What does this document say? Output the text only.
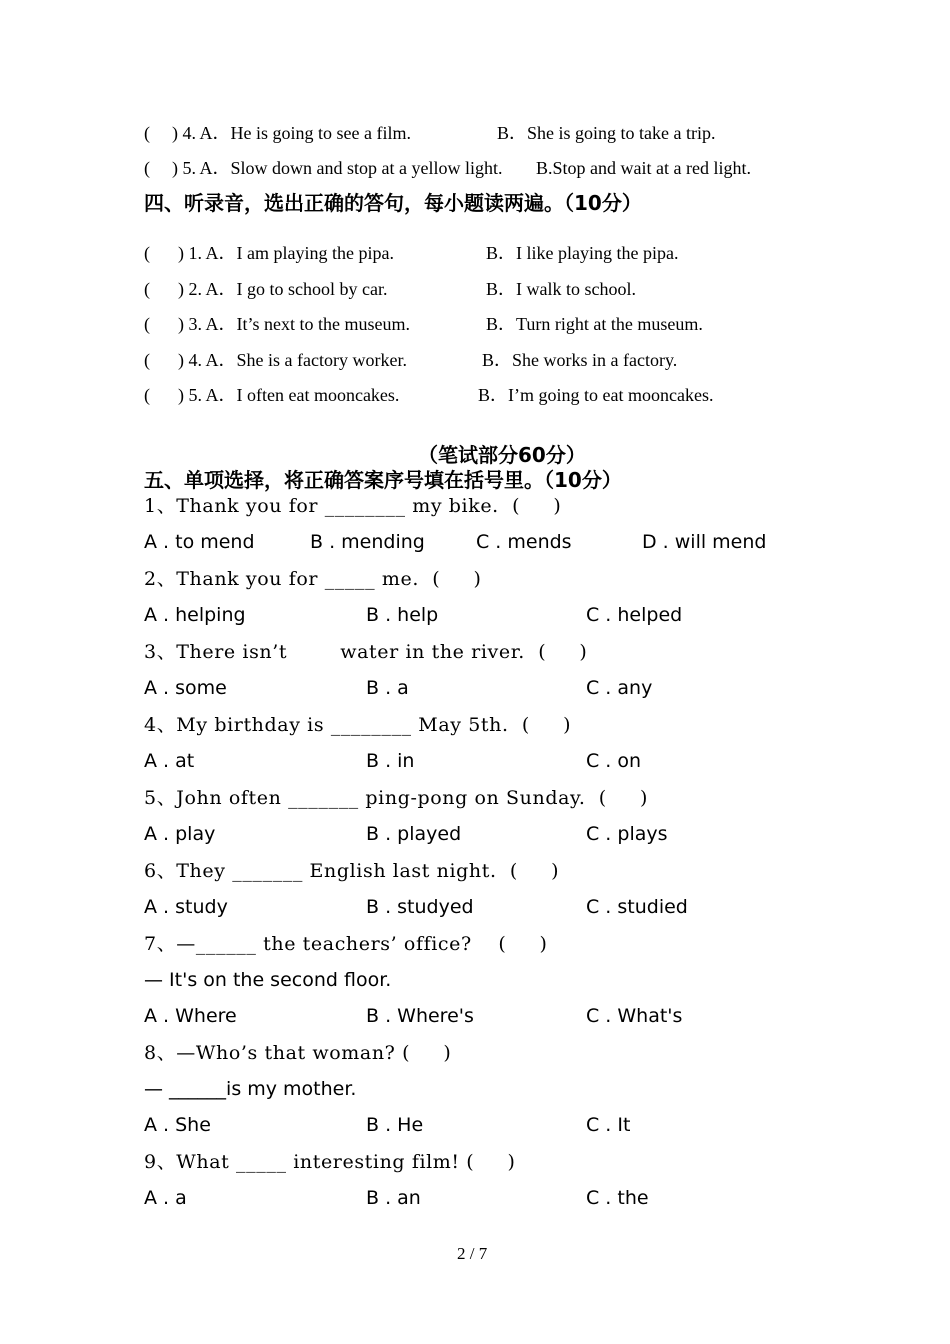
( ) 4. A．He is going to see a film.	B．She is going to take a trip.
( ) 5. A．Slow down and stop at a yellow light. B.Stop and wait at a red light.
四、听录音，选出正确的答句，每小题读两遍。（10分）
( ) 1. A．I am playing the pipa.	B．I like playing the pipa.
( ) 2. A．I go to school by car.	B．I walk to school.
( ) 3. A．It’s next to the museum.	B．Turn right at the museum.
( ) 4. A．She is a factory worker.	B．She works in a factory.
( ) 5. A．I often eat mooncakes.	B．I’m going to eat mooncakes.
（笔试部分60分）
五、单项选择，将正确答案序号填在括号里。（10分）
1、Thank you for ________ my bike.  (     )
A . to mend	B . mending	C . mends	D . will mend
2、Thank you for _____ me.  (     )
A . helping	B . help	C . helped
3、There isn’t        water in the river.  (     )
A . some	B . a	C . any
4、My birthday is ________ May 5th.  (     )
A . at	B . in	C . on
5、John often _______ ping-pong on Sunday.  (     )
A . play	B . played	C . plays
6、They _______ English last night.  (     )
A . study	B . studyed	C . studied
7、—______ the teachers’ office?    (     )
— It's on the second floor.
A . Where	B . Where's	C . What's
8、—Who’s that woman? (     )
— ______is my mother.
A . She	B . He	C . It
9、What _____ interesting film! (     )
A . a	B . an	C . the
2 / 7
